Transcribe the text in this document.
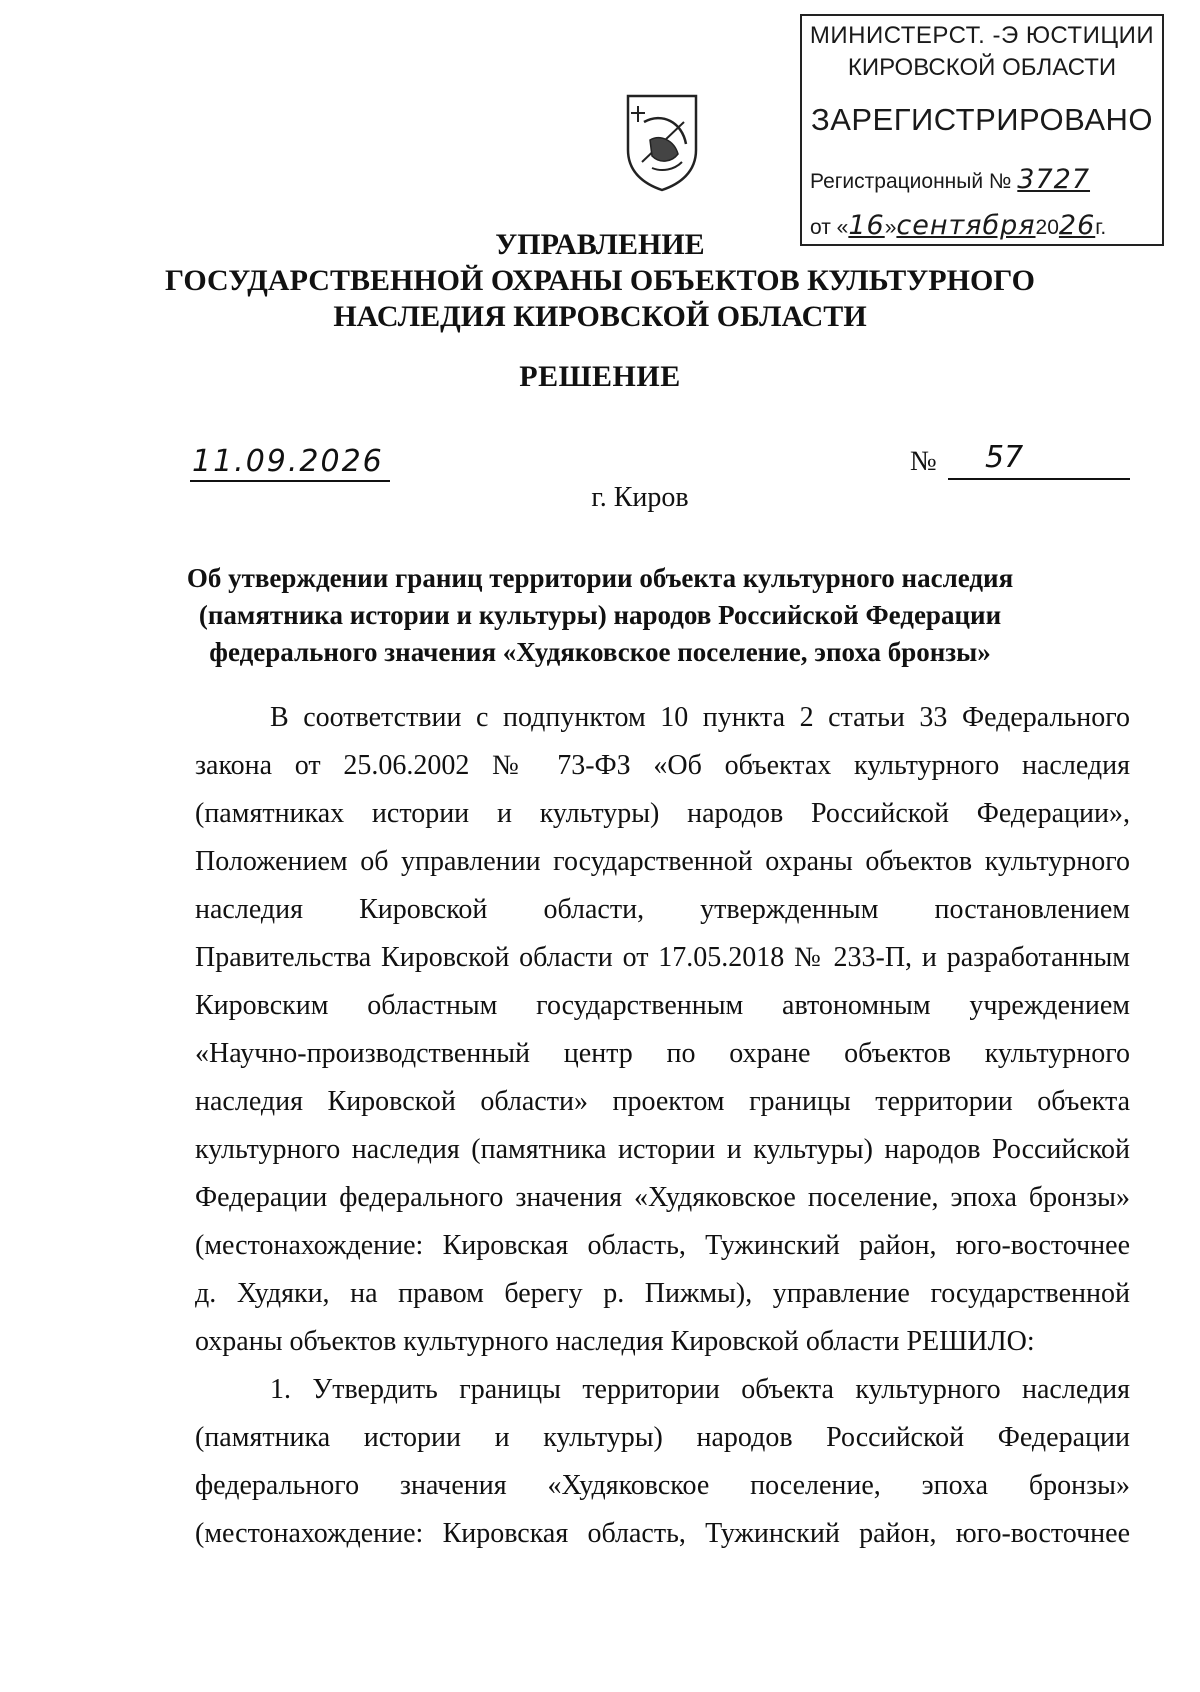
МИНИСТЕРСТ. -Э ЮСТИЦИИ
КИРОВСКОЙ ОБЛАСТИ
ЗАРЕГИСТРИРОВАНО
Регистрационный № 3727
от «16»сентября2026г.
УПРАВЛЕНИЕ
ГОСУДАРСТВЕННОЙ ОХРАНЫ ОБЪЕКТОВ КУЛЬТУРНОГО
НАСЛЕДИЯ КИРОВСКОЙ ОБЛАСТИ
РЕШЕНИЕ
11.09.2026	№ 57
г. Киров
Об утверждении границ территории объекта культурного наследия
(памятника истории и культуры) народов Российской Федерации
федерального значения «Худяковское поселение, эпоха бронзы»
В соответствии с подпунктом 10 пункта 2 статьи 33 Федерального
закона от 25.06.2002 № 73-ФЗ «Об объектах культурного наследия
(памятниках истории и культуры) народов Российской Федерации»,
Положением об управлении государственной охраны объектов культурного
наследия Кировской области, утвержденным постановлением
Правительства Кировской области от 17.05.2018 № 233-П, и разработанным
Кировским областным государственным автономным учреждением
«Научно-производственный центр по охране объектов культурного
наследия Кировской области» проектом границы территории объекта
культурного наследия (памятника истории и культуры) народов Российской
Федерации федерального значения «Худяковское поселение, эпоха бронзы»
(местонахождение: Кировская область, Тужинский район, юго-восточнее
д. Худяки, на правом берегу р. Пижмы), управление государственной
охраны объектов культурного наследия Кировской области РЕШИЛО:
1. Утвердить границы территории объекта культурного наследия
(памятника истории и культуры) народов Российской Федерации
федерального значения «Худяковское поселение, эпоха бронзы»
(местонахождение: Кировская область, Тужинский район, юго-восточнее
